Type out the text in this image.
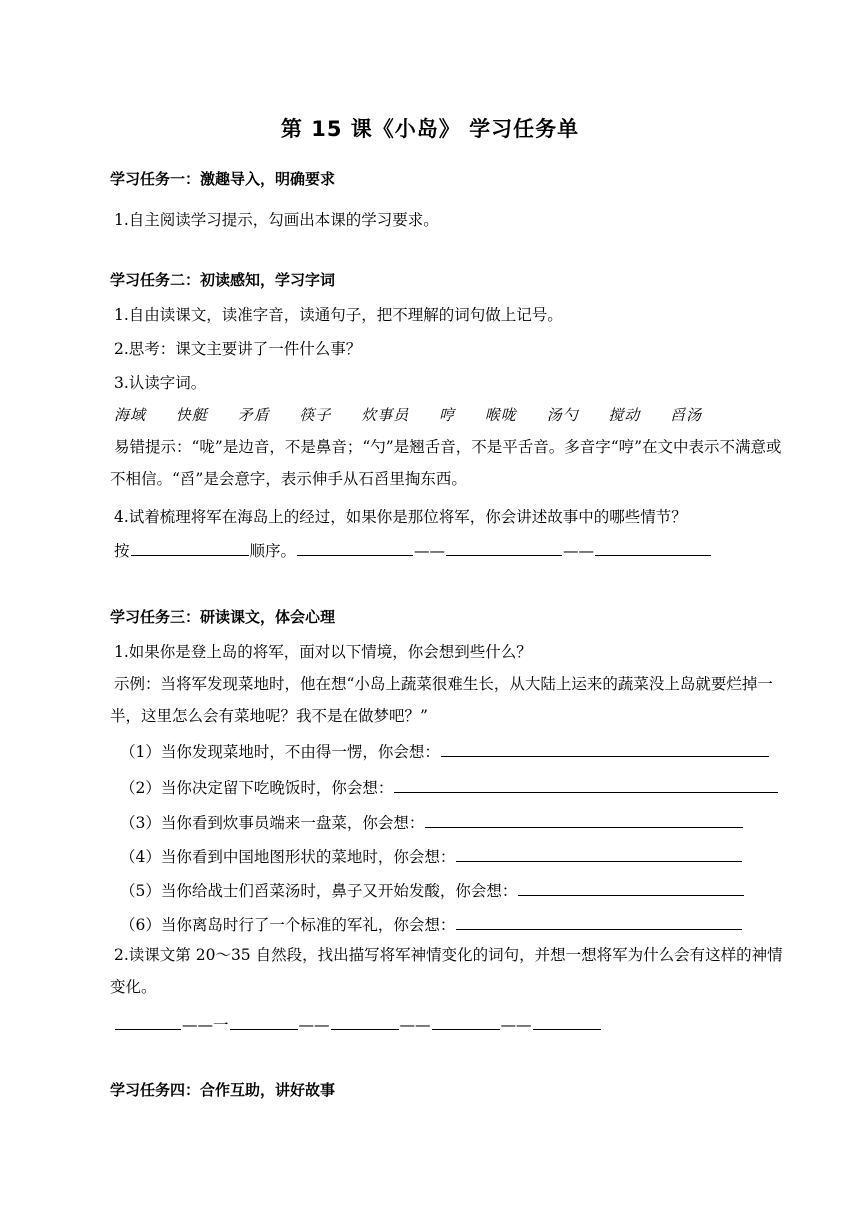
第 15 课《小岛》 学习任务单
学习任务一：激趣导入，明确要求
1.自主阅读学习提示，勾画出本课的学习要求。
学习任务二：初读感知，学习字词
1.自由读课文，读准字音，读通句子，把不理解的词句做上记号。
2.思考：课文主要讲了一件什么事？
3.认读字词。
海域 快艇 矛盾 筷子 炊事员 哼 喉咙 汤勺 搅动 舀汤
易错提示：“咙”是边音，不是鼻音；“勺”是翘舌音，不是平舌音。多音字“哼”在文中表示不满意或不相信。“舀”是会意字，表示伸手从石舀里掏东西。
4.试着梳理将军在海岛上的经过，如果你是那位将军，你会讲述故事中的哪些情节？
按	顺序。	——	——
学习任务三：研读课文，体会心理
1.如果你是登上岛的将军，面对以下情境，你会想到些什么？
示例：当将军发现菜地时，他在想“小岛上蔬菜很难生长，从大陆上运来的蔬菜没上岛就要烂掉一半，这里怎么会有菜地呢？我不是在做梦吧？”
（1）当你发现菜地时，不由得一愣，你会想：
（2）当你决定留下吃晚饭时，你会想：
（3）当你看到炊事员端来一盘菜，你会想：
（4）当你看到中国地图形状的菜地时，你会想：
（5）当你给战士们舀菜汤时，鼻子又开始发酸，你会想：
（6）当你离岛时行了一个标准的军礼，你会想：
2.读课文第 20～35 自然段，找出描写将军神情变化的词句，并想一想将军为什么会有这样的神情变化。
——一	——	——	——
学习任务四：合作互助，讲好故事
